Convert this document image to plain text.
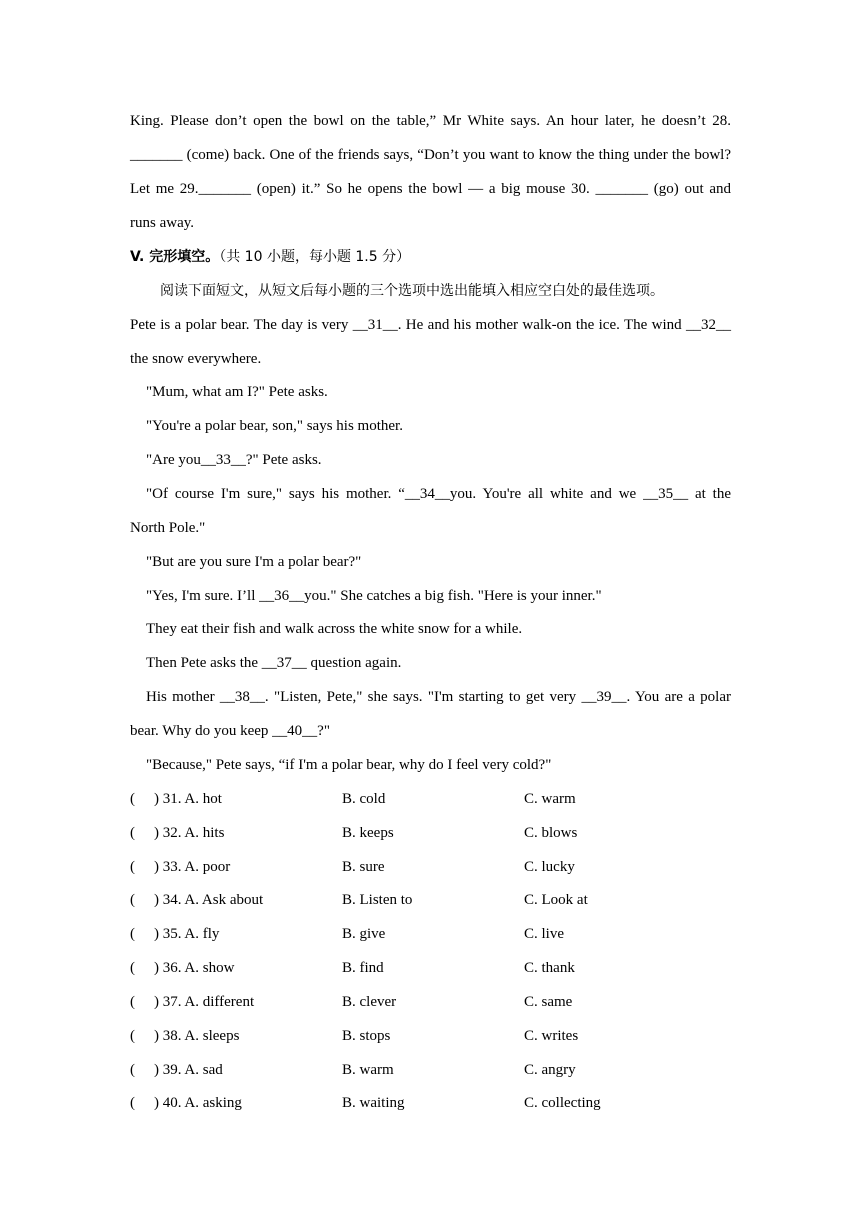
King. Please don’t open the bowl on the table,” Mr White says. An hour later, he doesn’t 28.
_______ (come) back. One of the friends says, “Don’t you want to know the thing under the bowl?
Let me 29._______ (open) it.” So he opens the bowl — a big mouse 30. _______ (go) out and
runs away.
V. 完形填空。（共 10 小题，每小题 1.5 分）
阅读下面短文，从短文后每小题的三个选项中选出能填入相应空白处的最佳选项。
Pete is a polar bear. The day is very __31__. He and his mother walk-on the ice. The wind __32__
the snow everywhere.
"Mum, what am I?" Pete asks.
"You're a polar bear, son," says his mother.
"Are you__33__?" Pete asks.
"Of course I'm sure," says his mother. “__34__you. You're all white and we __35__ at the
North Pole."
"But are you sure I'm a polar bear?"
"Yes, I'm sure. I’ll __36__you." She catches a big fish. "Here is your inner."
They eat their fish and walk across the white snow for a while.
Then Pete asks the __37__ question again.
His mother __38__. "Listen, Pete," she says. "I'm starting to get very __39__. You are a polar
bear. Why do you keep __40__?"
"Because," Pete says, “if I'm a polar bear, why do I feel very cold?"
( ) 31. A. hot	B. cold	C. warm
( ) 32. A. hits	B. keeps	C. blows
( ) 33. A. poor	B. sure	C. lucky
( ) 34. A. Ask about	B. Listen to	C. Look at
( ) 35. A. fly	B. give	C. live
( ) 36. A. show	B. find	C. thank
( ) 37. A. different	B. clever	C. same
( ) 38. A. sleeps	B. stops	C. writes
( ) 39. A. sad	B. warm	C. angry
( ) 40. A. asking	B. waiting	C. collecting
